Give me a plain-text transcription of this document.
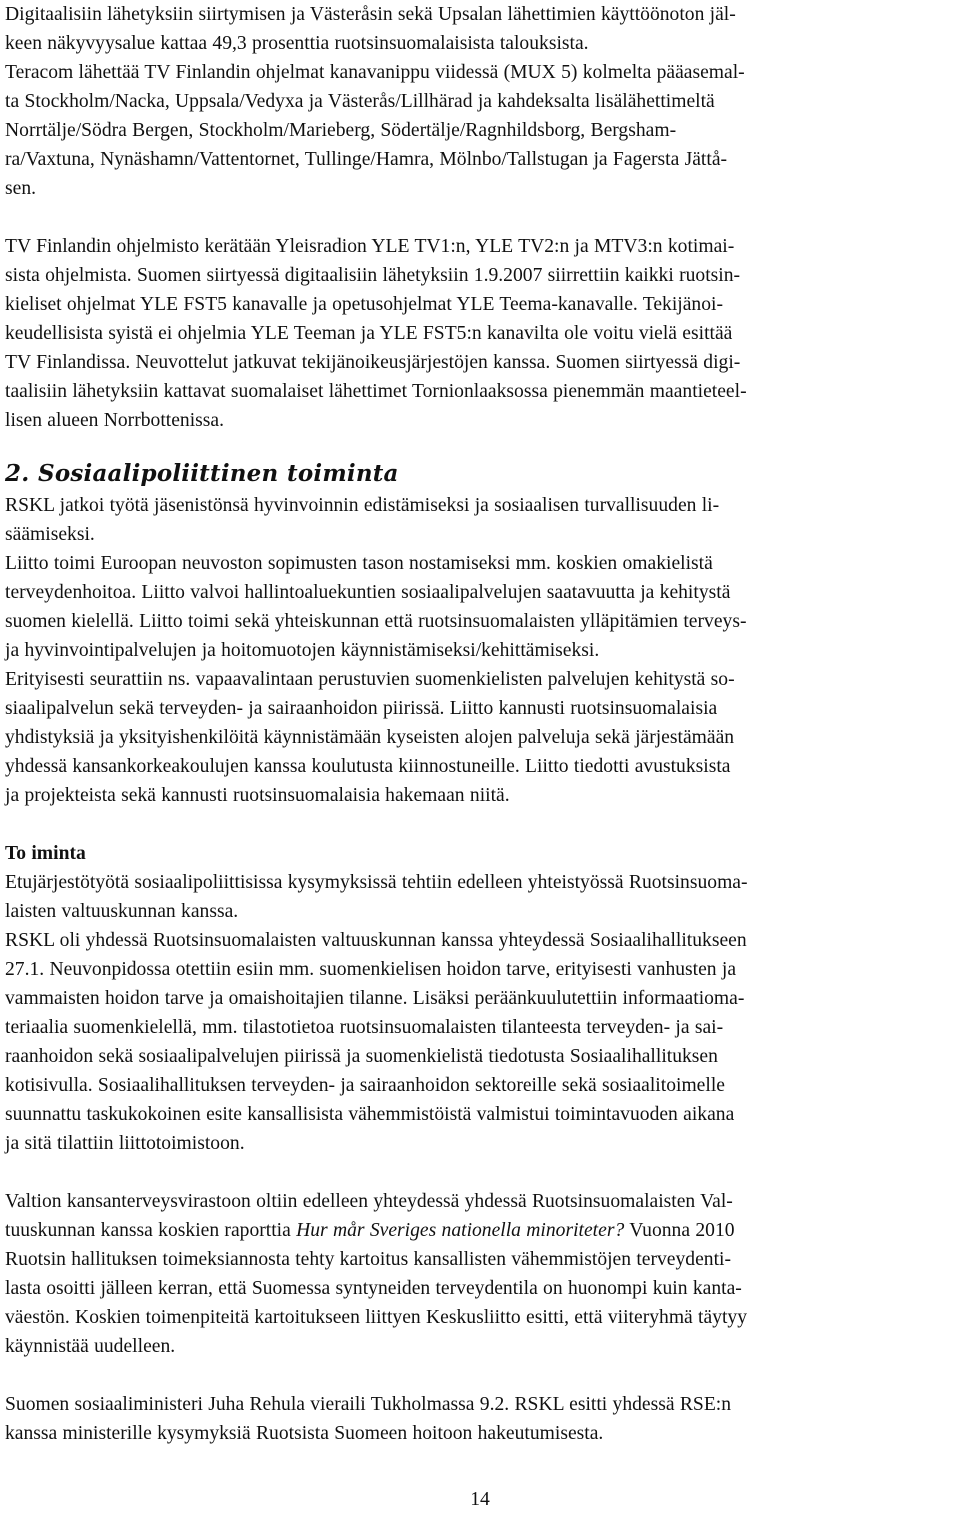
Digitaalisiin lähetyksiin siirtymisen ja Västeråsin sekä Upsalan lähettimien käyttöönoton jäl-
keen näkyvyysalue kattaa 49,3 prosenttia ruotsinsuomalaisista talouksista.
Teracom lähettää TV Finlandin ohjelmat kanavanippu viidessä (MUX 5) kolmelta pääasemal-
ta Stockholm/Nacka, Uppsala/Vedyxa ja Västerås/Lillhärad ja kahdeksalta lisälähettimeltä
Norrtälje/Södra Bergen, Stockholm/Marieberg, Södertälje/Ragnhildsborg, Bergsham-
ra/Vaxtuna, Nynäshamn/Vattentornet, Tullinge/Hamra, Mölnbo/Tallstugan ja Fagersta Jättå-
sen.

TV Finlandin ohjelmisto kerätään Yleisradion YLE TV1:n, YLE TV2:n ja MTV3:n kotimai-
sista ohjelmista. Suomen siirtyessä digitaalisiin lähetyksiin 1.9.2007 siirrettiin kaikki ruotsin-
kieliset ohjelmat YLE FST5 kanavalle ja opetusohjelmat YLE Teema-kanavalle. Tekijänoi-
keudellisista syistä ei ohjelmia YLE Teeman ja YLE FST5:n kanavilta ole voitu vielä esittää
TV Finlandissa. Neuvottelut jatkuvat tekijänoikeusjärjestöjen kanssa. Suomen siirtyessä digi-
taalisiin lähetyksiin kattavat suomalaiset lähettimet Tornionlaaksossa pienemmän maantieteel-
lisen alueen Norrbottenissa.

2. Sosiaalipoliittinen toiminta

RSKL jatkoi työtä jäsenistönsä hyvinvoinnin edistämiseksi ja sosiaalisen turvallisuuden li-
säämiseksi.

Liitto toimi Euroopan neuvoston sopimusten tason nostamiseksi mm. koskien omakielistä
terveydenhoitoa. Liitto valvoi hallintoaluekuntien sosiaalipalvelujen saatavuutta ja kehitystä
suomen kielellä. Liitto toimi sekä yhteiskunnan että ruotsinsuomalaisten ylläpitämien terveys-
ja hyvinvointipalvelujen ja hoitomuotojen käynnistämiseksi/kehittämiseksi.

Erityisesti seurattiin ns. vapaavalintaan perustuvien suomenkielisten palvelujen kehitystä so-
siaalipalvelun sekä terveyden- ja sairaanhoidon piirissä. Liitto kannusti ruotsinsuomalaisia
yhdistyksiä ja yksityishenkilöitä käynnistämään kyseisten alojen palveluja sekä järjestämään
yhdessä kansankorkeakoulujen kanssa koulutusta kiinnostuneille. Liitto tiedotti avustuksista
ja projekteista sekä kannusti ruotsinsuomalaisia hakemaan niitä.

To iminta

Etujärjestötyötä sosiaalipoliittisissa kysymyksissä tehtiin edelleen yhteistyössä Ruotsinsuoma-
laisten valtuuskunnan kanssa.

RSKL oli yhdessä Ruotsinsuomalaisten valtuuskunnan kanssa yhteydessä Sosiaalihallitukseen
27.1. Neuvonpidossa otettiin esiin mm. suomenkielisen hoidon tarve, erityisesti vanhusten ja
vammaisten hoidon tarve ja omaishoitajien tilanne. Lisäksi peräänkuulutettiin informaatioma-
teriaalia suomenkielellä, mm. tilastotietoa ruotsinsuomalaisten tilanteesta terveyden- ja sai-
raanhoidon sekä sosiaalipalvelujen piirissä ja suomenkielistä tiedotusta Sosiaalihallituksen
kotisivulla. Sosiaalihallituksen terveyden- ja sairaanhoidon sektoreille sekä sosiaalitoimelle
suunnattu taskukokoinen esite kansallisista vähemmistöistä valmistui toimintavuoden aikana
ja sitä tilattiin liittotoimistoon.

Valtion kansanterveysvirastoon oltiin edelleen yhteydessä yhdessä Ruotsinsuomalaisten Val-
tuuskunnan kanssa koskien raporttia Hur mår Sveriges nationella minoriteter? Vuonna 2010
Ruotsin hallituksen toimeksiannosta tehty kartoitus kansallisten vähemmistöjen terveydenti-
lasta osoitti jälleen kerran, että Suomessa syntyneiden terveydentila on huonompi kuin kanta-
väestön. Koskien toimenpiteitä kartoitukseen liittyen Keskusliitto esitti, että viiteryhmä täytyy
käynnistää uudelleen.

Suomen sosiaaliministeri Juha Rehula vieraili Tukholmassa 9.2. RSKL esitti yhdessä RSE:n
kanssa ministerille kysymyksiä Ruotsista Suomeen hoitoon hakeutumisesta.

14
